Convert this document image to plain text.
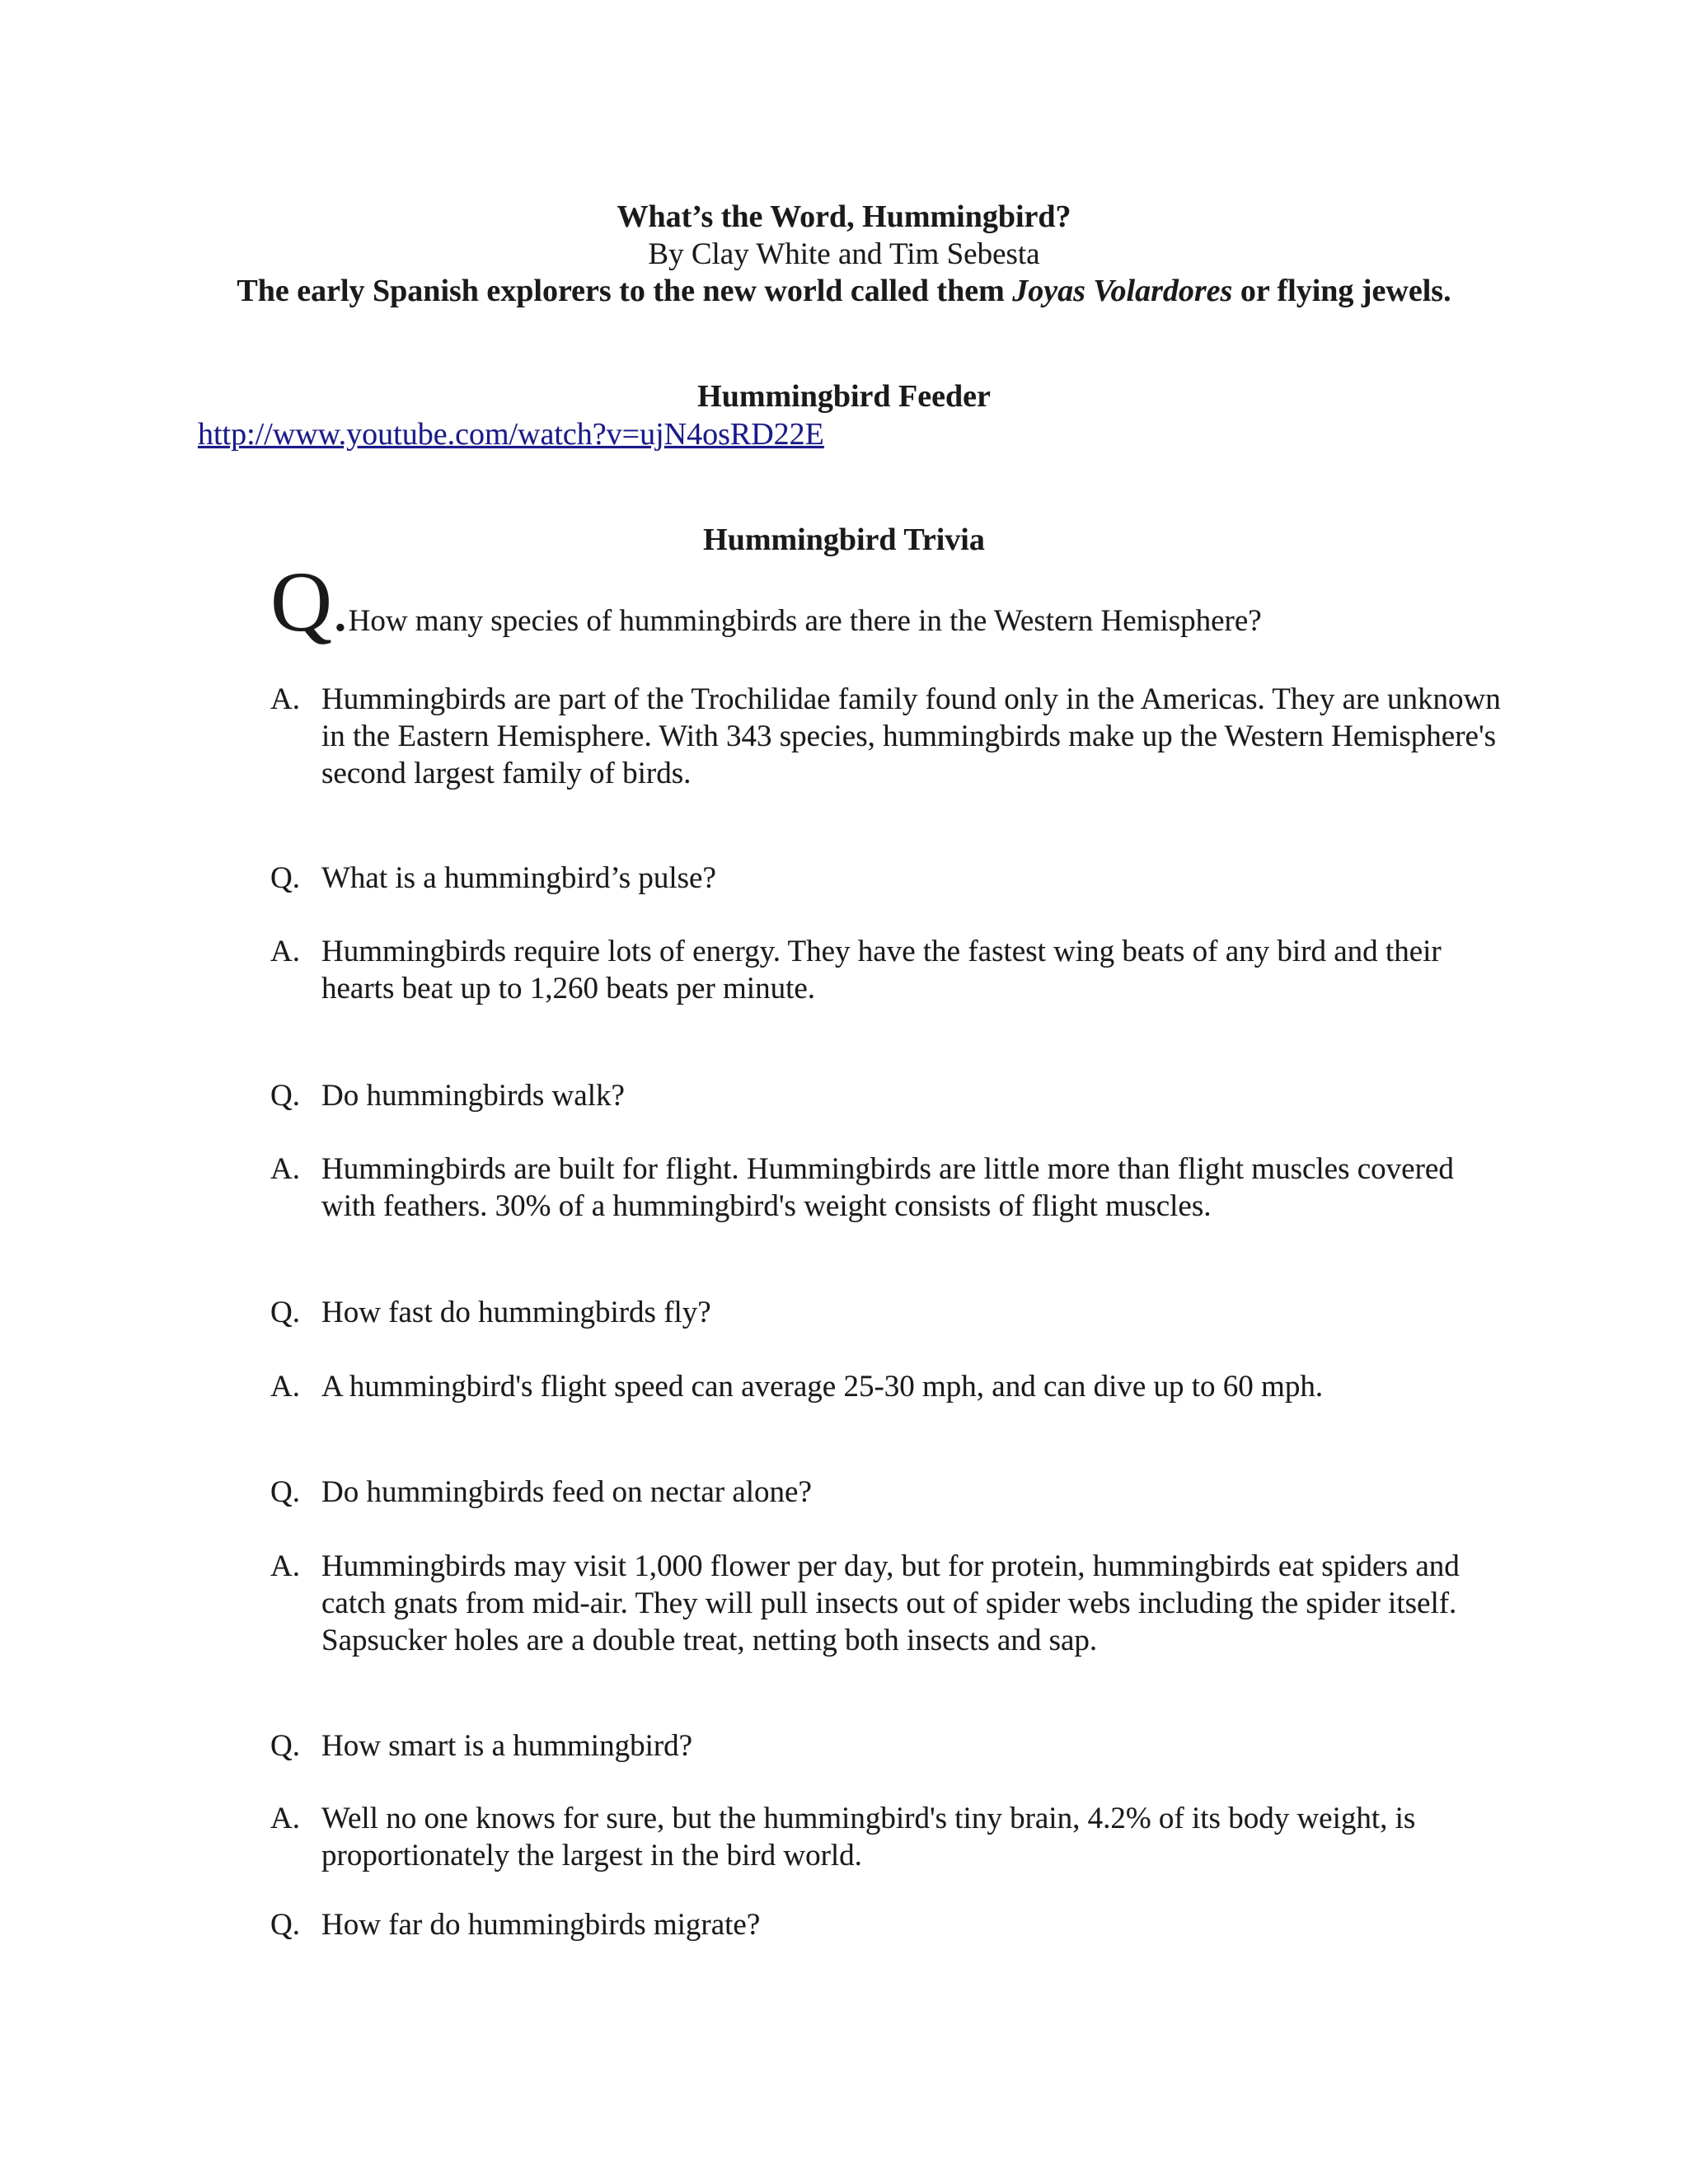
What’s the Word, Hummingbird?
By Clay White and Tim Sebesta
The early Spanish explorers to the new world called them Joyas Volardores or flying jewels.
Hummingbird Feeder
http://www.youtube.com/watch?v=ujN4osRD22E
Hummingbird Trivia
Q.How many species of hummingbirds are there in the Western Hemisphere?
A. Hummingbirds are part of the Trochilidae family found only in the Americas. They are unknown in the Eastern Hemisphere. With 343 species, hummingbirds make up the Western Hemisphere's second largest family of birds.
Q. What is a hummingbird’s pulse?
A. Hummingbirds require lots of energy. They have the fastest wing beats of any bird and their hearts beat up to 1,260 beats per minute.
Q. Do hummingbirds walk?
A. Hummingbirds are built for flight. Hummingbirds are little more than flight muscles covered with feathers. 30% of a hummingbird's weight consists of flight muscles.
Q. How fast do hummingbirds fly?
A. A hummingbird's flight speed can average 25-30 mph, and can dive up to 60 mph.
Q. Do hummingbirds feed on nectar alone?
A. Hummingbirds may visit 1,000 flower per day, but for protein, hummingbirds eat spiders and catch gnats from mid-air. They will pull insects out of spider webs including the spider itself. Sapsucker holes are a double treat, netting both insects and sap.
Q. How smart is a hummingbird?
A. Well no one knows for sure, but the hummingbird's tiny brain, 4.2% of its body weight, is proportionately the largest in the bird world.
Q. How far do hummingbirds migrate?
